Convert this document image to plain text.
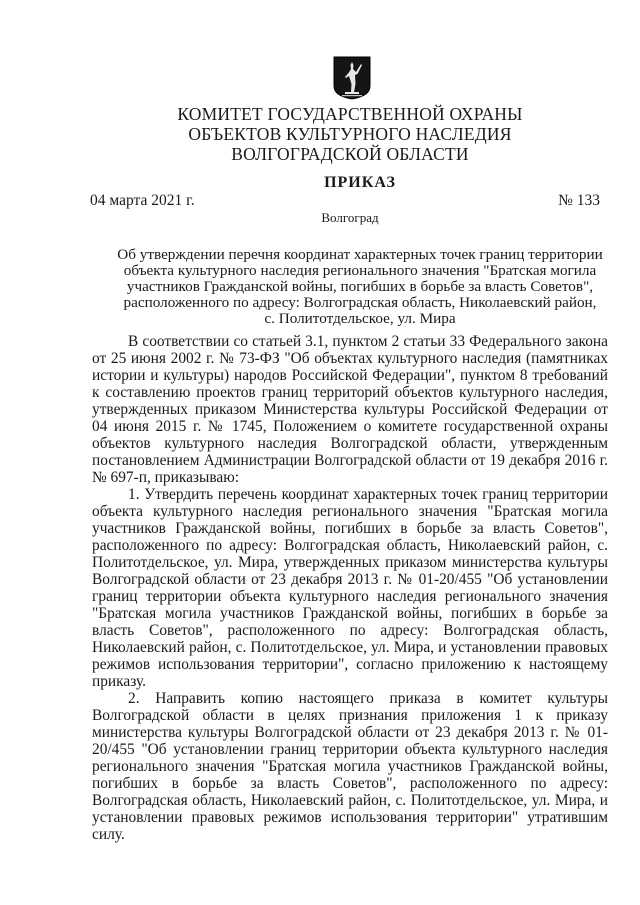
КОМИТЕТ ГОСУДАРСТВЕННОЙ ОХРАНЫ
ОБЪЕКТОВ КУЛЬТУРНОГО НАСЛЕДИЯ
ВОЛГОГРАДСКОЙ ОБЛАСТИ
ПРИКАЗ
04 марта 2021 г.	№ 133
Волгоград
Об утверждении перечня координат характерных точек границ территории
объекта культурного наследия регионального значения "Братская могила
участников Гражданской войны, погибших в борьбе за власть Советов",
расположенного по адресу: Волгоградская область, Николаевский район,
с. Политотдельское, ул. Мира

В соответствии со статьей 3.1, пунктом 2 статьи 33 Федерального закона от 25 июня 2002 г. № 73-ФЗ "Об объектах культурного наследия (памятниках истории и культуры) народов Российской Федерации", пунктом 8 требований к составлению проектов границ территорий объектов культурного наследия, утвержденных приказом Министерства культуры Российской Федерации от 04 июня 2015 г. № 1745, Положением о комитете государственной охраны объектов культурного наследия Волгоградской области, утвержденным постановлением Администрации Волгоградской области от 19 декабря 2016 г. № 697-п, приказываю:

1. Утвердить перечень координат характерных точек границ территории объекта культурного наследия регионального значения "Братская могила участников Гражданской войны, погибших в борьбе за власть Советов", расположенного по адресу: Волгоградская область, Николаевский район, с. Политотдельское, ул. Мира, утвержденных приказом министерства культуры Волгоградской области от 23 декабря 2013 г. № 01-20/455 "Об установлении границ территории объекта культурного наследия регионального значения "Братская могила участников Гражданской войны, погибших в борьбе за власть Советов", расположенного по адресу: Волгоградская область, Николаевский район, с. Политотдельское, ул. Мира, и установлении правовых режимов использования территории", согласно приложению к настоящему приказу.

2. Направить копию настоящего приказа в комитет культуры Волгоградской области в целях признания приложения 1 к приказу министерства культуры Волгоградской области от 23 декабря 2013 г. № 01-20/455 "Об установлении границ территории объекта культурного наследия регионального значения "Братская могила участников Гражданской войны, погибших в борьбе за власть Советов", расположенного по адресу: Волгоградская область, Николаевский район, с. Политотдельское, ул. Мира, и установлении правовых режимов использования территории" утратившим силу.
